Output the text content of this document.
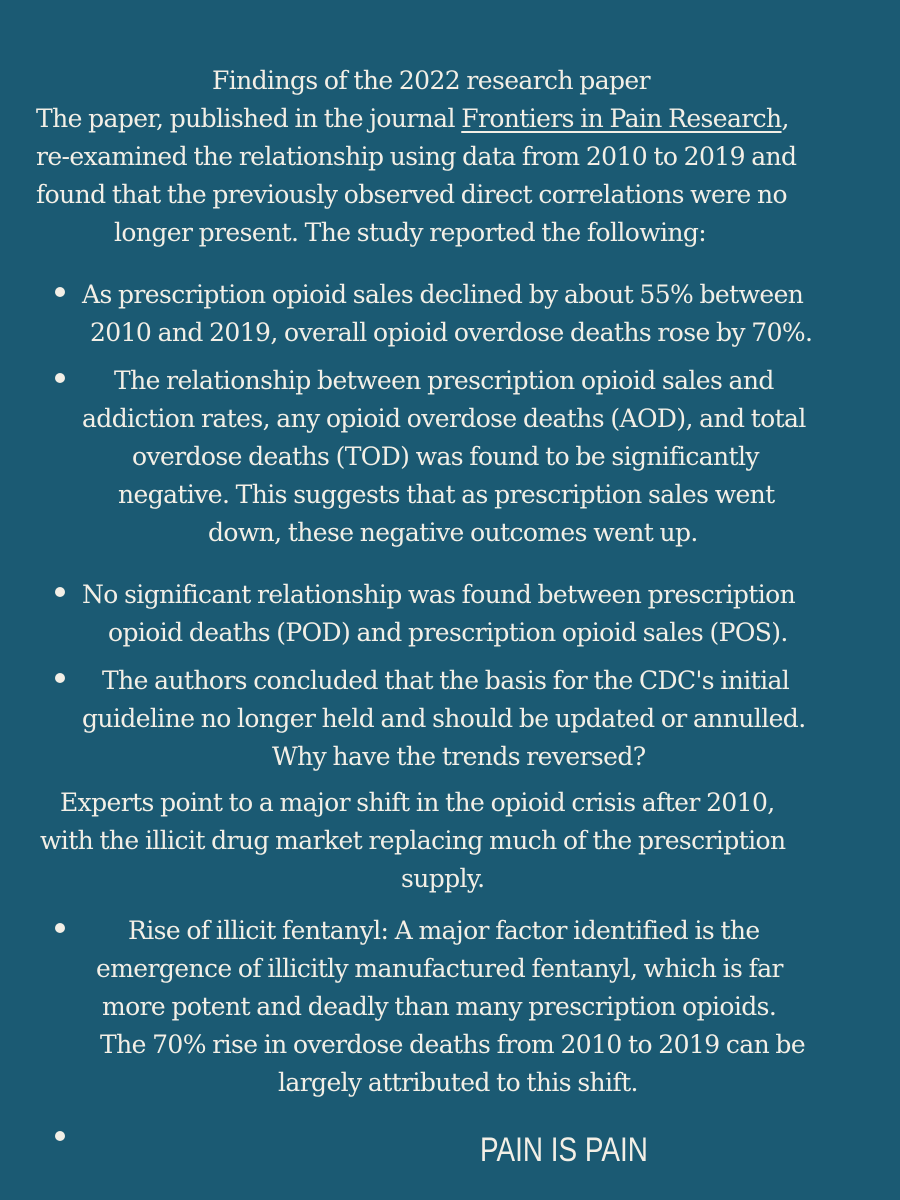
Findings of the 2022 research paper
The paper, published in the journal Frontiers in Pain Research,
re-examined the relationship using data from 2010 to 2019 and
found that the previously observed direct correlations were no
longer present. The study reported the following:
As prescription opioid sales declined by about 55% between
2010 and 2019, overall opioid overdose deaths rose by 70%.
The relationship between prescription opioid sales and
addiction rates, any opioid overdose deaths (AOD), and total
overdose deaths (TOD) was found to be significantly
negative. This suggests that as prescription sales went
down, these negative outcomes went up.
No significant relationship was found between prescription
opioid deaths (POD) and prescription opioid sales (POS).
The authors concluded that the basis for the CDC's initial
guideline no longer held and should be updated or annulled.
Why have the trends reversed?
Experts point to a major shift in the opioid crisis after 2010,
with the illicit drug market replacing much of the prescription
supply.
Rise of illicit fentanyl: A major factor identified is the
emergence of illicitly manufactured fentanyl, which is far
more potent and deadly than many prescription opioids.
The 70% rise in overdose deaths from 2010 to 2019 can be
largely attributed to this shift.
PAIN IS PAIN
